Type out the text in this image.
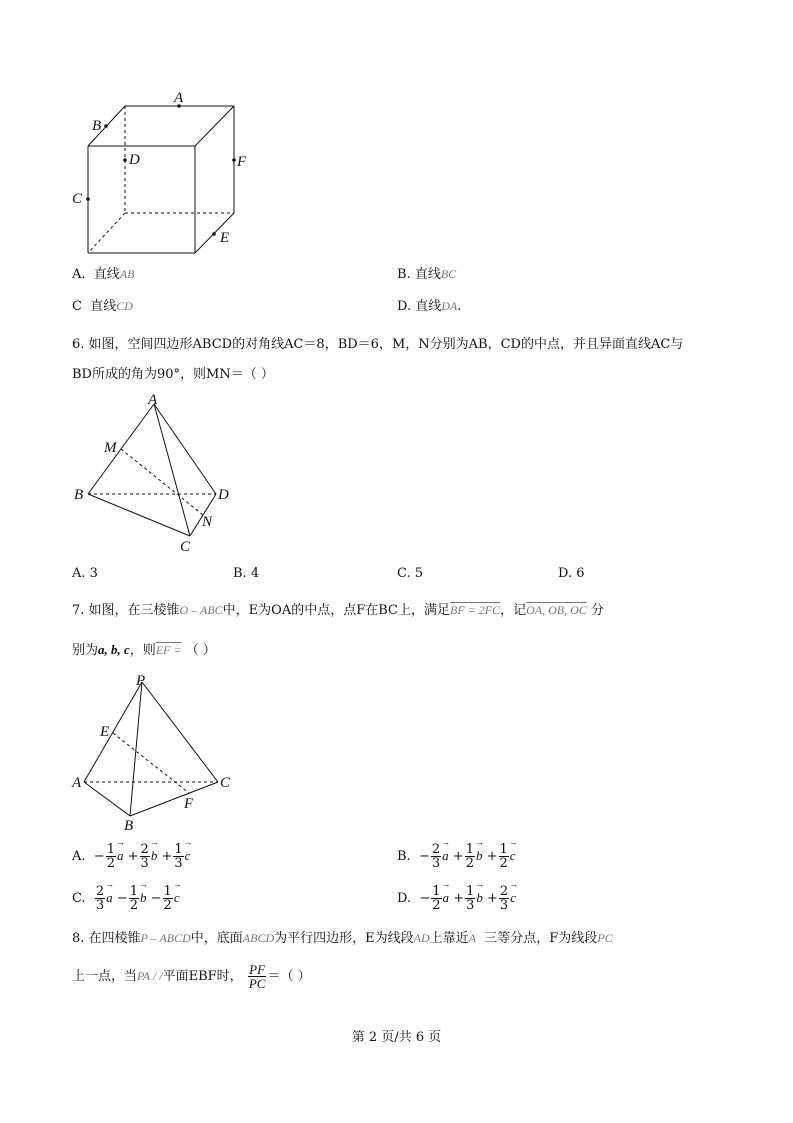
A
B
D	F
C
E
A. 直线AB	B. 直线BC
C 直线CD	D. 直线DA.
6. 如图，空间四边形ABCD的对角线AC＝8，BD＝6，M，N分别为AB，CD的中点，并且异面直线AC与
BD所成的角为90°，则MN＝（ ）
A
M
B	D
N
C
A. 3	B. 4	C. 5	D. 6
7. 如图，在三棱锥O – ABC中，E为OA的中点，点F在BC上，满足BF = 2FC，记OA, OB, OC 分
别为a, b, c，则EF = （ ）
P
E
A	C
F
B
A. − $\frac{1}{2} \to a + \frac{2}{3} \to b + \frac{1}{3} \to c$	B. − $\frac{2}{3} \to a + \frac{1}{2} \to b + \frac{1}{2} \to c$
C. $\frac{2}{3} \to a - \frac{1}{2} \to b - \frac{1}{2} \to c$	D. − $\frac{1}{2} \to a + \frac{1}{3} \to b + \frac{2}{3} \to c$
8. 在四棱锥P – ABCD中，底面ABCD为平行四边形，E为线段AD上靠近A 三等分点，F为线段PC
上一点，当PA / /平面EBF时， $\frac{PF}{PC}$ ＝（ ）
第 2 页/共 6 页
